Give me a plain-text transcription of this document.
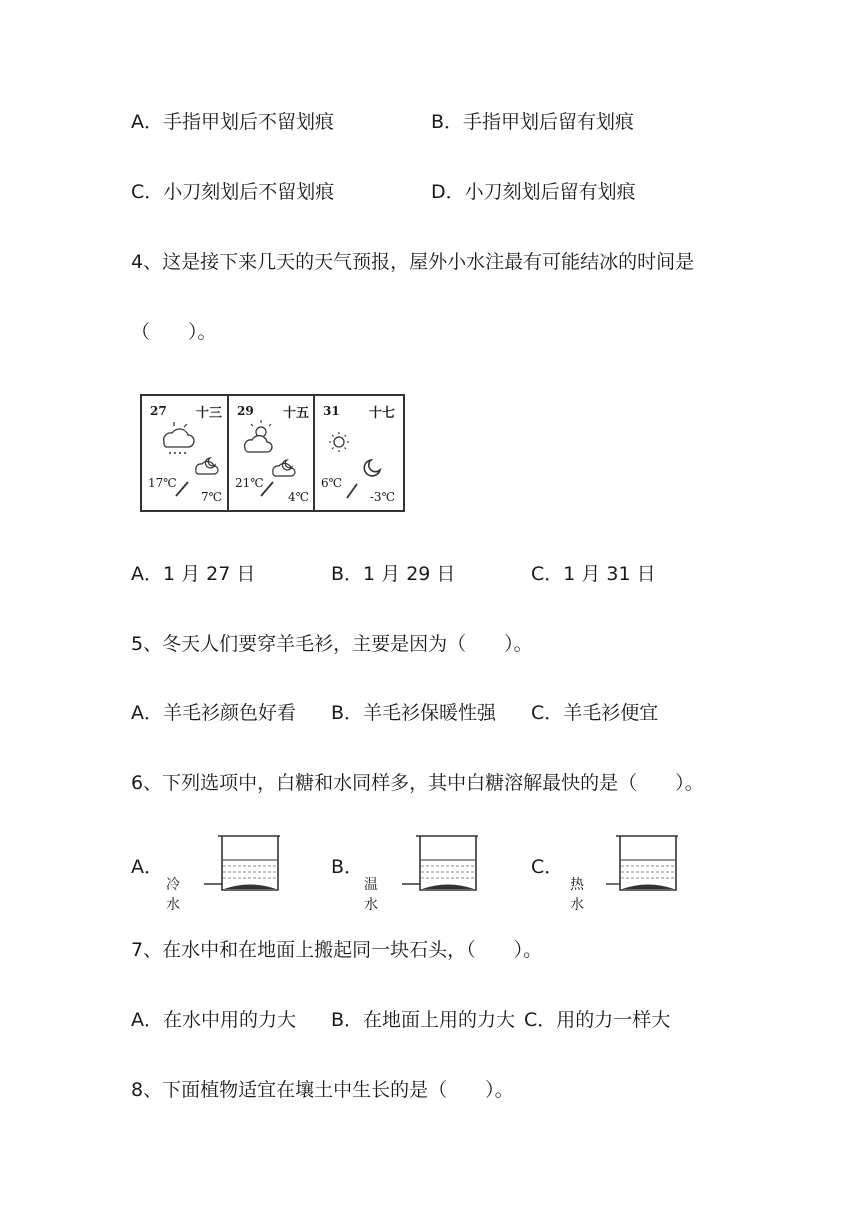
A．手指甲划后不留划痕	B．手指甲划后留有划痕
C．小刀刻划后不留划痕	D．小刀刻划后留有划痕
4、这是接下来几天的天气预报，屋外小水注最有可能结冰的时间是
（　　）。
27 十三
17℃
7℃
29 十五
21℃
4℃
31 十七
6℃
-3℃
A．1 月 27 日	B．1 月 29 日	C．1 月 31 日
5、冬天人们要穿羊毛衫，主要是因为（　　）。
A．羊毛衫颜色好看 B．羊毛衫保暖性强 C．羊毛衫便宜
6、下列选项中，白糖和水同样多，其中白糖溶解最快的是（　　）。
A．	B．	C．
冷水
温水
热水
7、在水中和在地面上搬起同一块石头，（　　）。
A．在水中用的力大 B．在地面上用的力大 C．用的力一样大
8、下面植物适宜在壤土中生长的是（　　）。
